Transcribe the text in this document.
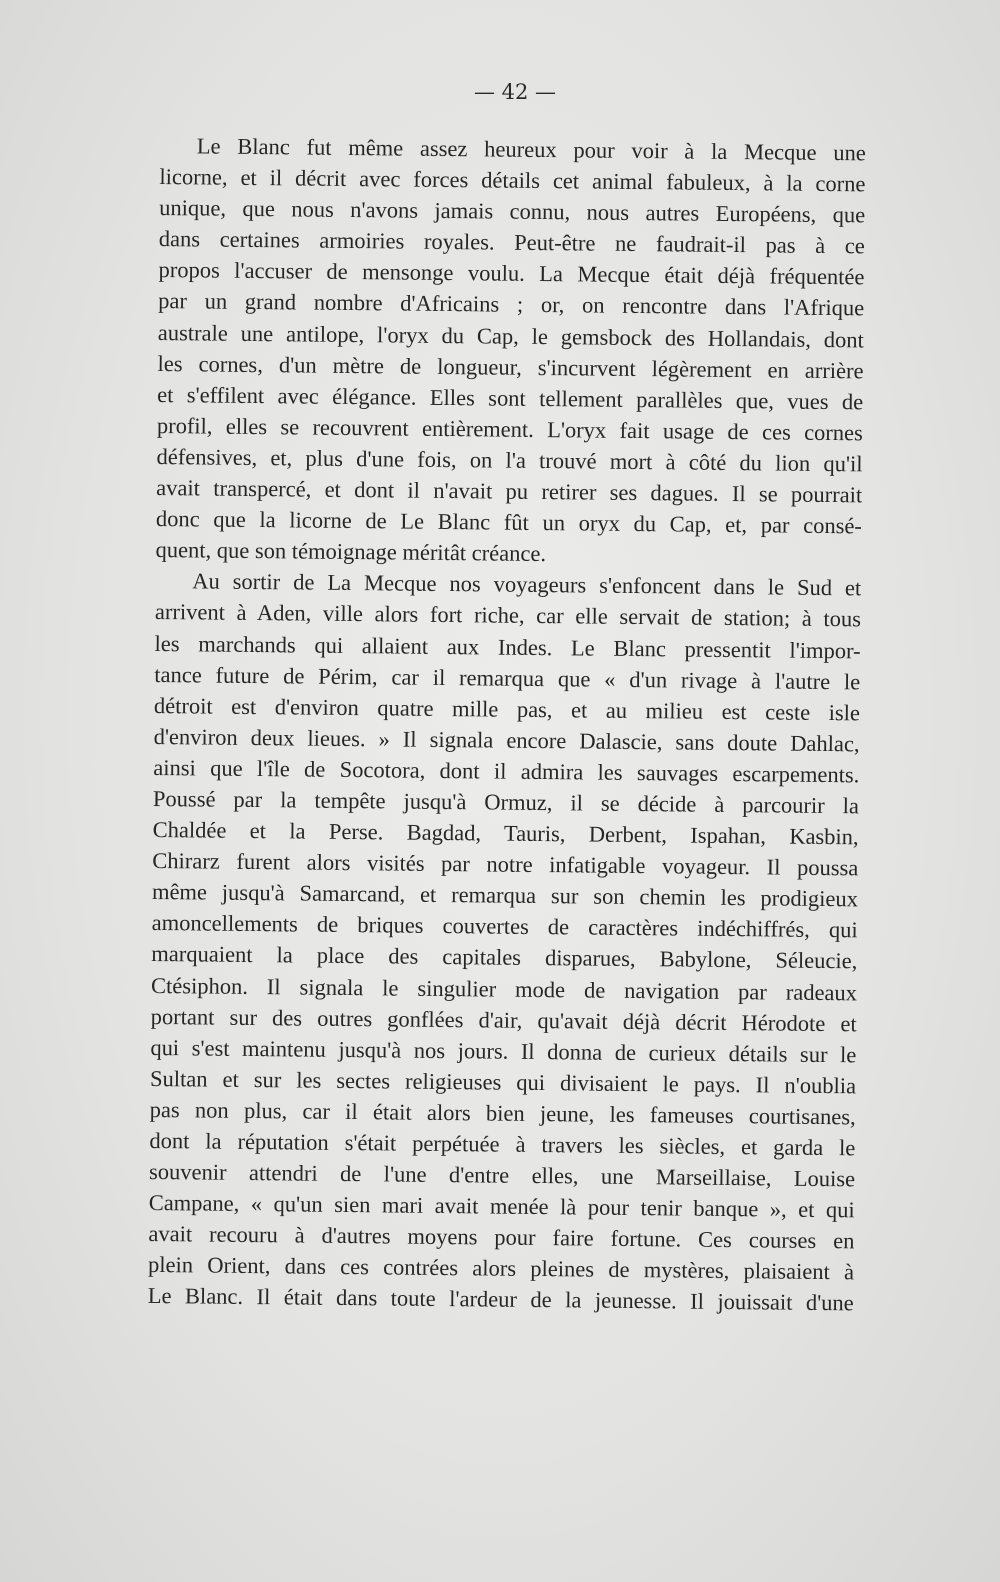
— 42 —
Le Blanc fut même assez heureux pour voir à la Mecque une
licorne, et il décrit avec forces détails cet animal fabuleux, à la corne
unique, que nous n'avons jamais connu, nous autres Européens, que
dans certaines armoiries royales. Peut-être ne faudrait-il pas à ce
propos l'accuser de mensonge voulu. La Mecque était déjà fréquentée
par un grand nombre d'Africains ; or, on rencontre dans l'Afrique
australe une antilope, l'oryx du Cap, le gemsbock des Hollandais, dont
les cornes, d'un mètre de longueur, s'incurvent légèrement en arrière
et s'effilent avec élégance. Elles sont tellement parallèles que, vues de
profil, elles se recouvrent entièrement. L'oryx fait usage de ces cornes
défensives, et, plus d'une fois, on l'a trouvé mort à côté du lion qu'il
avait transpercé, et dont il n'avait pu retirer ses dagues. Il se pourrait
donc que la licorne de Le Blanc fût un oryx du Cap, et, par consé-
quent, que son témoignage méritât créance.
Au sortir de La Mecque nos voyageurs s'enfoncent dans le Sud et
arrivent à Aden, ville alors fort riche, car elle servait de station; à tous
les marchands qui allaient aux Indes. Le Blanc pressentit l'impor-
tance future de Périm, car il remarqua que « d'un rivage à l'autre le
détroit est d'environ quatre mille pas, et au milieu est ceste isle
d'environ deux lieues. » Il signala encore Dalascie, sans doute Dahlac,
ainsi que l'île de Socotora, dont il admira les sauvages escarpements.
Poussé par la tempête jusqu'à Ormuz, il se décide à parcourir la
Chaldée et la Perse. Bagdad, Tauris, Derbent, Ispahan, Kasbin,
Chirarz furent alors visités par notre infatigable voyageur. Il poussa
même jusqu'à Samarcand, et remarqua sur son chemin les prodigieux
amoncellements de briques couvertes de caractères indéchiffrés, qui
marquaient la place des capitales disparues, Babylone, Séleucie,
Ctésiphon. Il signala le singulier mode de navigation par radeaux
portant sur des outres gonflées d'air, qu'avait déjà décrit Hérodote et
qui s'est maintenu jusqu'à nos jours. Il donna de curieux détails sur le
Sultan et sur les sectes religieuses qui divisaient le pays. Il n'oublia
pas non plus, car il était alors bien jeune, les fameuses courtisanes,
dont la réputation s'était perpétuée à travers les siècles, et garda le
souvenir attendri de l'une d'entre elles, une Marseillaise, Louise
Campane, « qu'un sien mari avait menée là pour tenir banque », et qui
avait recouru à d'autres moyens pour faire fortune. Ces courses en
plein Orient, dans ces contrées alors pleines de mystères, plaisaient à
Le Blanc. Il était dans toute l'ardeur de la jeunesse. Il jouissait d'une
